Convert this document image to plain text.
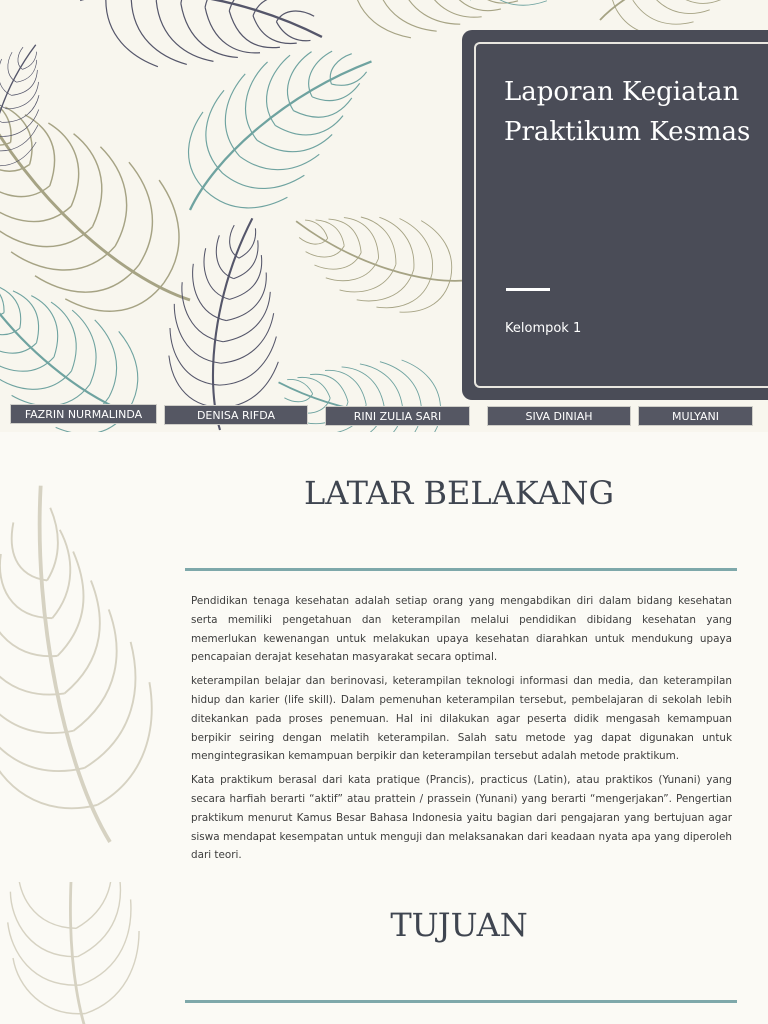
Laporan Kegiatan Praktikum Kesmas
Kelompok 1
FAZRIN NURMALINDA	DENISA RIFDA	RINI ZULIA SARI	SIVA DINIAH	MULYANI
LATAR BELAKANG

Pendidikan tenaga kesehatan adalah setiap orang yang mengabdikan diri dalam bidang kesehatan serta memiliki pengetahuan dan keterampilan melalui pendidikan dibidang kesehatan yang memerlukan kewenangan untuk melakukan upaya kesehatan diarahkan untuk mendukung upaya pencapaian derajat kesehatan masyarakat secara optimal.

keterampilan belajar dan berinovasi, keterampilan teknologi informasi dan media, dan keterampilan hidup dan karier (life skill). Dalam pemenuhan keterampilan tersebut, pembelajaran di sekolah lebih ditekankan pada proses penemuan. Hal ini dilakukan agar peserta didik mengasah kemampuan berpikir seiring dengan melatih keterampilan. Salah satu metode yag dapat digunakan untuk mengintegrasikan kemampuan berpikir dan keterampilan tersebut adalah metode praktikum.

Kata praktikum berasal dari kata pratique (Prancis), practicus (Latin), atau praktikos (Yunani) yang secara harfiah berarti “aktif” atau prattein / prassein (Yunani) yang berarti “mengerjakan”. Pengertian praktikum menurut Kamus Besar Bahasa Indonesia yaitu bagian dari pengajaran yang bertujuan agar siswa mendapat kesempatan untuk menguji dan melaksanakan dari keadaan nyata apa yang diperoleh dari teori.

TUJUAN
